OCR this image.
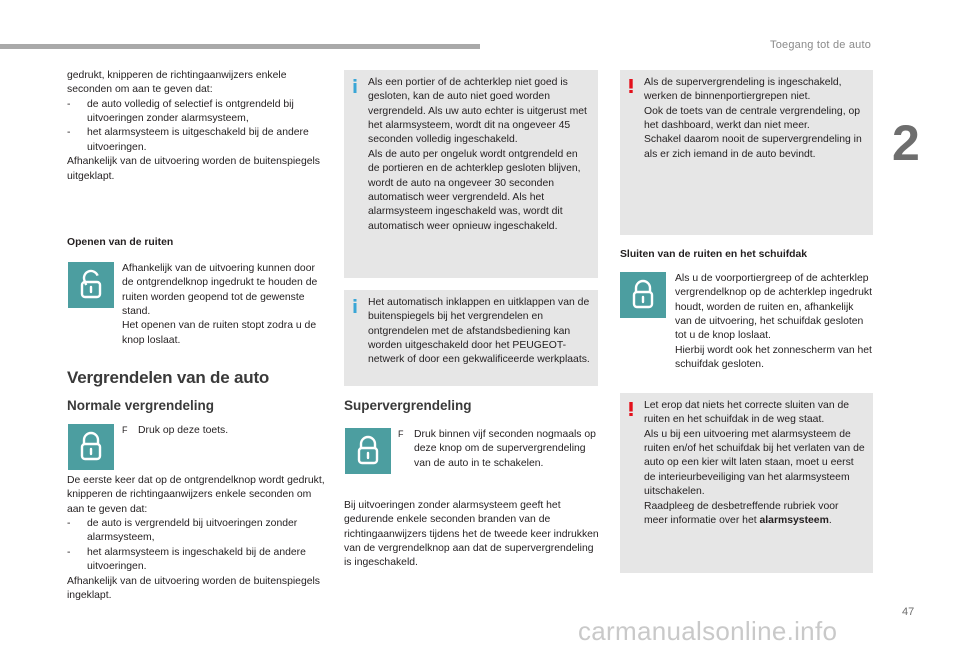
Toegang tot de auto
2
47

gedrukt, knipperen de richtingaanwijzers enkele

seconden om aan te geven dat:

-	de auto volledig of selectief is ontgrendeld bij uitvoeringen zonder alarmsysteem,
-	het alarmsysteem is uitgeschakeld bij de andere uitvoeringen.

Afhankelijk van de uitvoering worden de buitenspiegels uitgeklapt.

Openen van de ruiten

Afhankelijk van de uitvoering kunnen door de ontgrendelknop ingedrukt te houden de ruiten worden geopend tot de gewenste stand.

Het openen van de ruiten stopt zodra u de knop loslaat.

Vergrendelen van de auto
Normale vergrendeling
F	Druk op deze toets.

De eerste keer dat op de ontgrendelknop wordt gedrukt, knipperen de richtingaanwijzers enkele seconden om aan te geven dat:

-	de auto is vergrendeld bij uitvoeringen zonder alarmsysteem,
-	het alarmsysteem is ingeschakeld bij de andere uitvoeringen.

Afhankelijk van de uitvoering worden de buitenspiegels ingeklapt.

Als een portier of de achterklep niet goed is gesloten, kan de auto niet goed worden vergrendeld. Als uw auto echter is uitgerust met het alarmsysteem, wordt dit na ongeveer 45 seconden volledig ingeschakeld.

Als de auto per ongeluk wordt ontgrendeld en de portieren en de achterklep gesloten blijven, wordt de auto na ongeveer 30 seconden automatisch weer vergrendeld. Als het alarmsysteem ingeschakeld was, wordt dit automatisch weer opnieuw ingeschakeld.

Het automatisch inklappen en uitklappen van de buitenspiegels bij het vergrendelen en ontgrendelen met de afstandsbediening kan worden uitgeschakeld door het PEUGEOT-netwerk of door een gekwalificeerde werkplaats.

Supervergrendeling
F	Druk binnen vijf seconden nogmaals op deze knop om de supervergrendeling van de auto in te schakelen.

Bij uitvoeringen zonder alarmsysteem geeft het gedurende enkele seconden branden van de richtingaanwijzers tijdens het de tweede keer indrukken van de vergrendelknop aan dat de supervergrendeling is ingeschakeld.

Als de supervergrendeling is ingeschakeld, werken de binnenportiergrepen niet.

Ook de toets van de centrale vergrendeling, op het dashboard, werkt dan niet meer.

Schakel daarom nooit de supervergrendeling in als er zich iemand in de auto bevindt.

Sluiten van de ruiten en het schuifdak

Als u de voorportiergreep of de achterklep vergrendelknop op de achterklep ingedrukt houdt, worden de ruiten en, afhankelijk van de uitvoering, het schuifdak gesloten tot u de knop loslaat.

Hierbij wordt ook het zonnescherm van het schuifdak gesloten.

Let erop dat niets het correcte sluiten van de ruiten en het schuifdak in de weg staat.

Als u bij een uitvoering met alarmsysteem de ruiten en/of het schuifdak bij het verlaten van de auto op een kier wilt laten staan, moet u eerst de interieurbeveiliging van het alarmsysteem uitschakelen.

Raadpleeg de desbetreffende rubriek voor meer informatie over het alarmsysteem.

carmanualsonline.info
